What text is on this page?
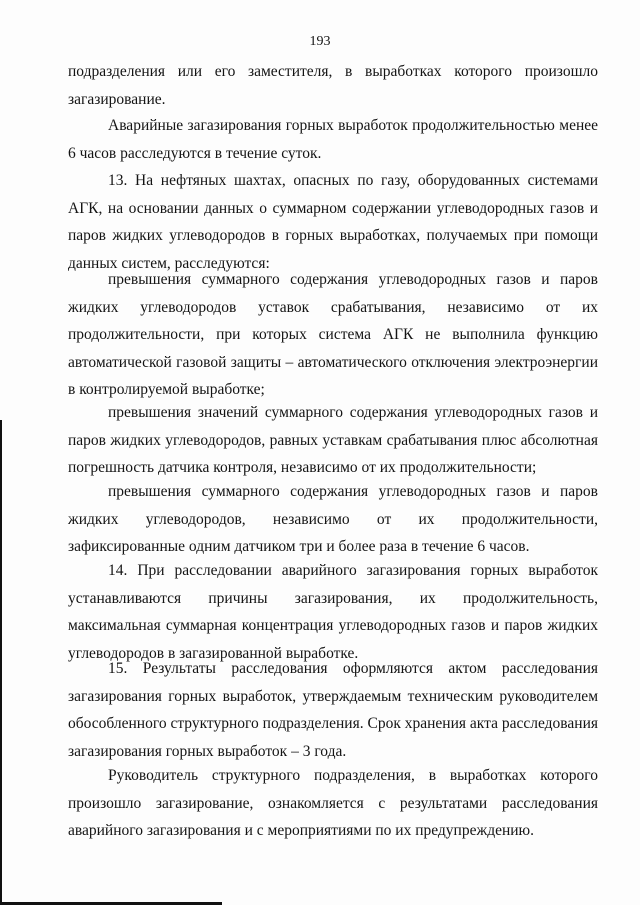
193

подразделения или его заместителя, в выработках которого произошло загазирование.

Аварийные загазирования горных выработок продолжительностью менее 6 часов расследуются в течение суток.

13. На нефтяных шахтах, опасных по газу, оборудованных системами АГК, на основании данных о суммарном содержании углеводородных газов и паров жидких углеводородов в горных выработках, получаемых при помощи данных систем, расследуются:

превышения суммарного содержания углеводородных газов и паров жидких углеводородов уставок срабатывания, независимо от их продолжительности, при которых система АГК не выполнила функцию автоматической газовой защиты – автоматического отключения электроэнергии в контролируемой выработке;

превышения значений суммарного содержания углеводородных газов и паров жидких углеводородов, равных уставкам срабатывания плюс абсолютная погрешность датчика контроля, независимо от их продолжительности;

превышения суммарного содержания углеводородных газов и паров жидких углеводородов, независимо от их продолжительности, зафиксированные одним датчиком три и более раза в течение 6 часов.

14. При расследовании аварийного загазирования горных выработок устанавливаются причины загазирования, их продолжительность, максимальная суммарная концентрация углеводородных газов и паров жидких углеводородов в загазированной выработке.

15. Результаты расследования оформляются актом расследования загазирования горных выработок, утверждаемым техническим руководителем обособленного структурного подразделения. Срок хранения акта расследования загазирования горных выработок – 3 года.

Руководитель структурного подразделения, в выработках которого произошло загазирование, ознакомляется с результатами расследования аварийного загазирования и с мероприятиями по их предупреждению.
